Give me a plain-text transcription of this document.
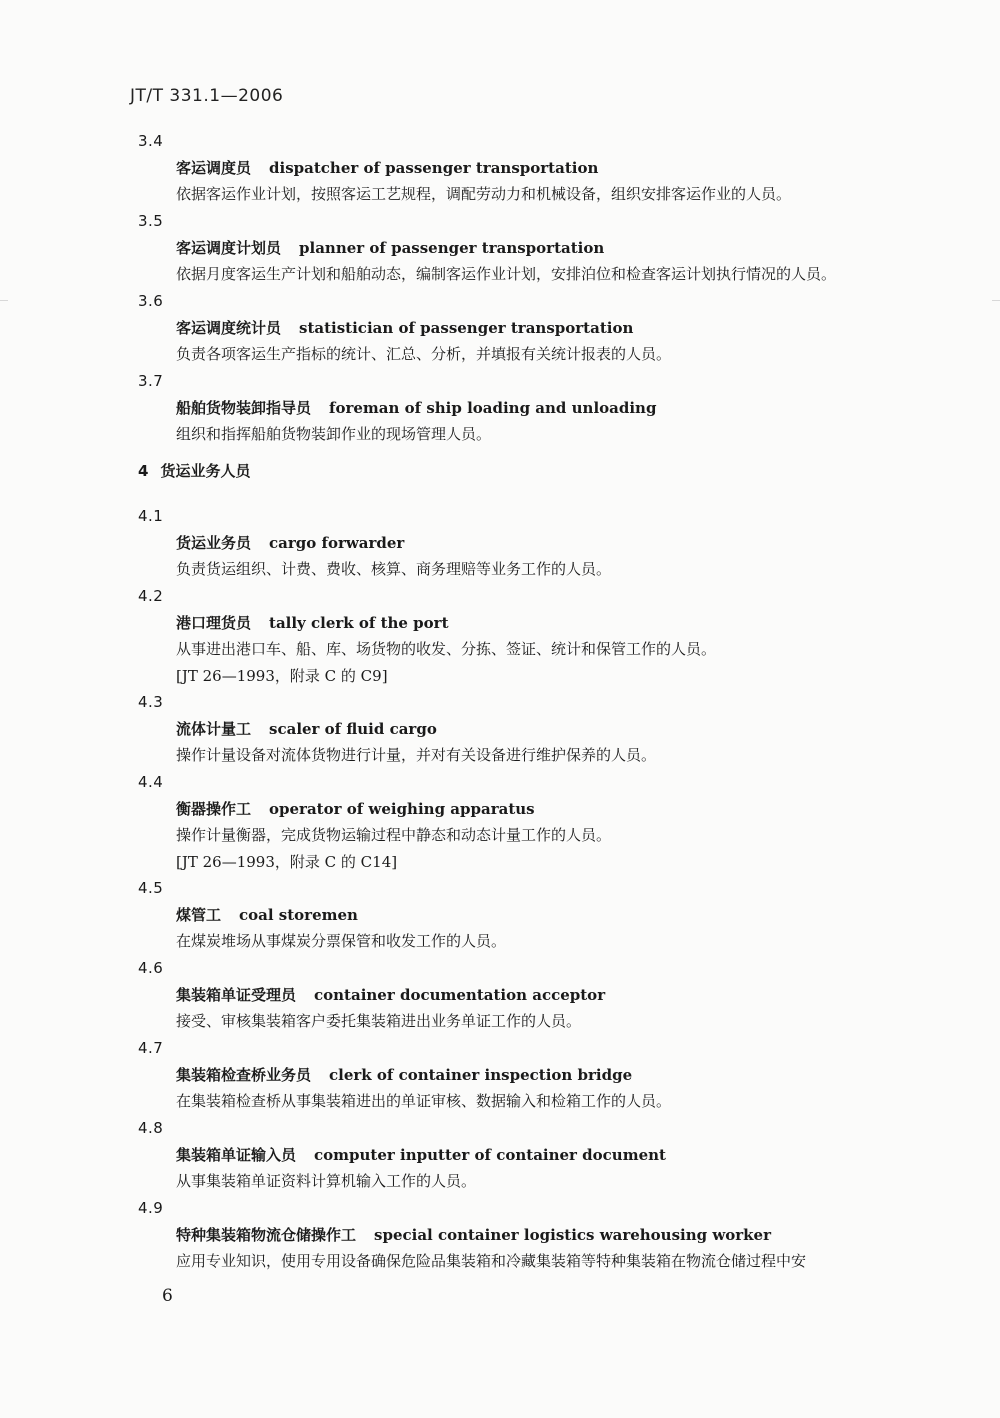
JT/T 331.1—2006
3.4
客运调度员 dispatcher of passenger transportation
依据客运作业计划，按照客运工艺规程，调配劳动力和机械设备，组织安排客运作业的人员。
3.5
客运调度计划员 planner of passenger transportation
依据月度客运生产计划和船舶动态，编制客运作业计划，安排泊位和检查客运计划执行情况的人员。
3.6
客运调度统计员 statistician of passenger transportation
负责各项客运生产指标的统计、汇总、分析，并填报有关统计报表的人员。
3.7
船舶货物装卸指导员 foreman of ship loading and unloading
组织和指挥船舶货物装卸作业的现场管理人员。
4 货运业务人员
4.1
货运业务员 cargo forwarder
负责货运组织、计费、费收、核算、商务理赔等业务工作的人员。
4.2
港口理货员 tally clerk of the port
从事进出港口车、船、库、场货物的收发、分拣、签证、统计和保管工作的人员。
[JT 26—1993，附录 C 的 C9]
4.3
流体计量工 scaler of fluid cargo
操作计量设备对流体货物进行计量，并对有关设备进行维护保养的人员。
4.4
衡器操作工 operator of weighing apparatus
操作计量衡器，完成货物运输过程中静态和动态计量工作的人员。
[JT 26—1993，附录 C 的 C14]
4.5
煤管工 coal storemen
在煤炭堆场从事煤炭分票保管和收发工作的人员。
4.6
集装箱单证受理员 container documentation acceptor
接受、审核集装箱客户委托集装箱进出业务单证工作的人员。
4.7
集装箱检查桥业务员 clerk of container inspection bridge
在集装箱检查桥从事集装箱进出的单证审核、数据输入和检箱工作的人员。
4.8
集装箱单证输入员 computer inputter of container document
从事集装箱单证资料计算机输入工作的人员。
4.9
特种集装箱物流仓储操作工 special container logistics warehousing worker
应用专业知识，使用专用设备确保危险品集装箱和冷藏集装箱等特种集装箱在物流仓储过程中安
6
